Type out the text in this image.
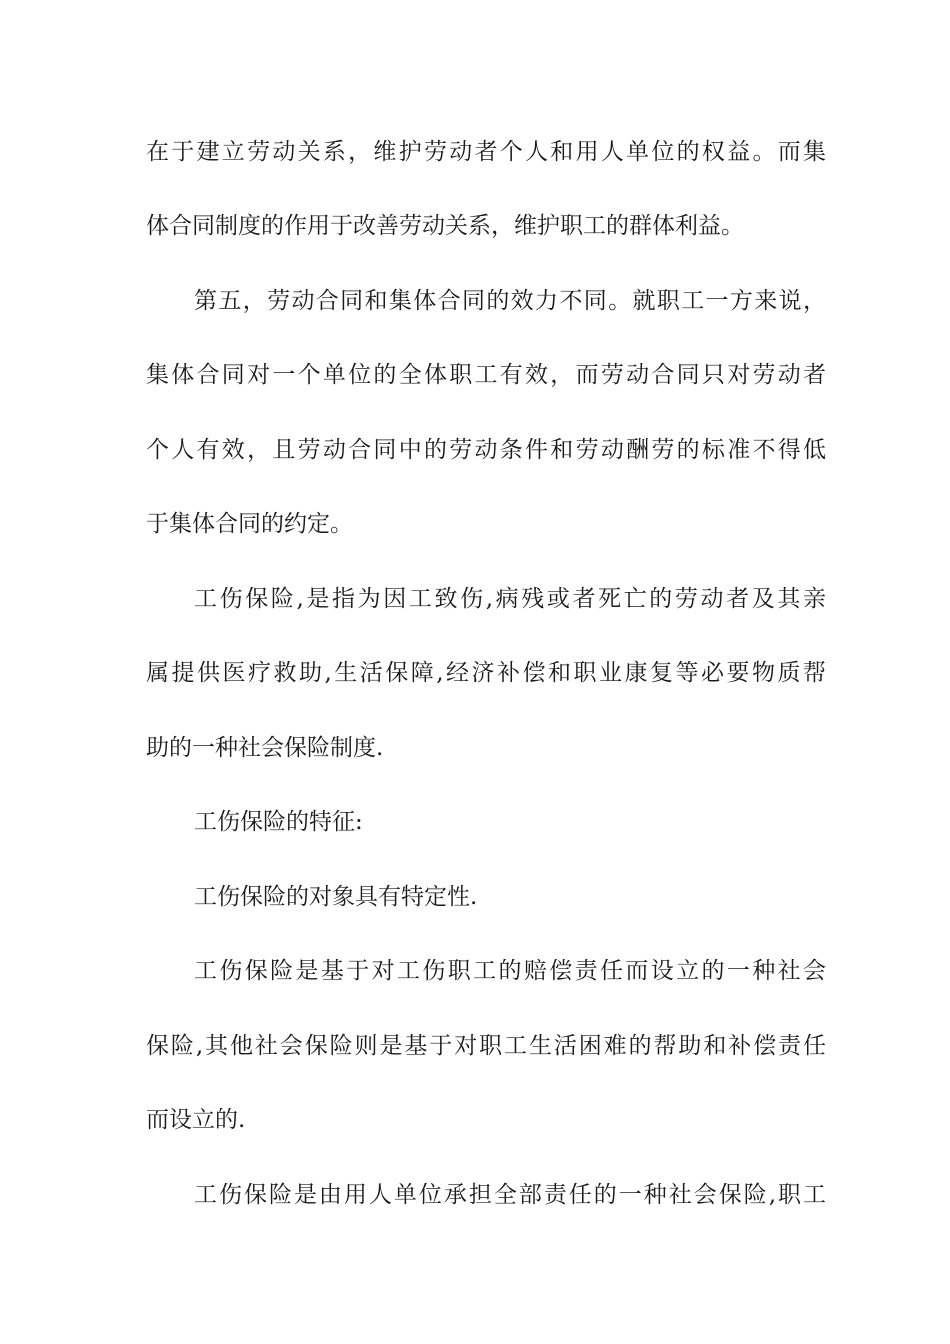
在于建立劳动关系，维护劳动者个人和用人单位的权益。而集
体合同制度的作用于改善劳动关系，维护职工的群体利益。
第五，劳动合同和集体合同的效力不同。就职工一方来说，
集体合同对一个单位的全体职工有效，而劳动合同只对劳动者
个人有效，且劳动合同中的劳动条件和劳动酬劳的标准不得低
于集体合同的约定。
工伤保险,是指为因工致伤,病残或者死亡的劳动者及其亲
属提供医疗救助,生活保障,经济补偿和职业康复等必要物质帮
助的一种社会保险制度.
工伤保险的特征:
工伤保险的对象具有特定性.
工伤保险是基于对工伤职工的赔偿责任而设立的一种社会
保险,其他社会保险则是基于对职工生活困难的帮助和补偿责任
而设立的.
工伤保险是由用人单位承担全部责任的一种社会保险,职工
